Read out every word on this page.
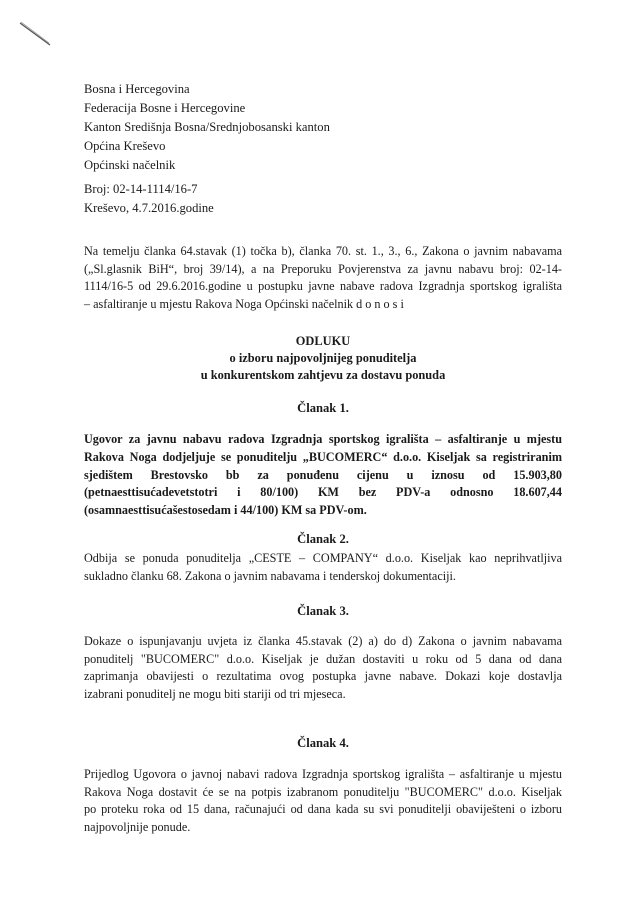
Bosna i Hercegovina
Federacija Bosne i Hercegovine
Kanton Središnja Bosna/Srednjobosanski kanton
Općina Kreševo
Općinski načelnik
Broj: 02-14-1114/16-7
Kreševo, 4.7.2016.godine
Na temelju članka 64.stavak (1) točka b), članka 70. st. 1., 3., 6., Zakona o javnim nabavama
(„Sl.glasnik BiH“, broj 39/14), a na Preporuku Povjerenstva za javnu nabavu broj: 02-14-
1114/16-5 od 29.6.2016.godine u postupku javne nabave radova Izgradnja sportskog igrališta
– asfaltiranje u mjestu Rakova Noga Općinski načelnik d o n o s i
ODLUKU
o izboru najpovoljnijeg ponuditelja
u konkurentskom zahtjevu za dostavu ponuda
Članak 1.
Ugovor za javnu nabavu radova Izgradnja sportskog igrališta – asfaltiranje u mjestu
Rakova Noga dodjeljuje se ponuditelju „BUCOMERC“ d.o.o. Kiseljak sa registriranim
sjedištem Brestovsko bb za ponuđenu cijenu u iznosu od 15.903,80
(petnaesttisućadevetstotri i 80/100) KM bez PDV-a odnosno 18.607,44
(osamnaesttisućašestosedam i 44/100) KM sa PDV-om.
Članak 2.
Odbija se ponuda ponuditelja „CESTE – COMPANY“ d.o.o. Kiseljak kao neprihvatljiva
sukladno članku 68. Zakona o javnim nabavama i tenderskoj dokumentaciji.
Članak 3.
Dokaze o ispunjavanju uvjeta iz članka 45.stavak (2) a) do d) Zakona o javnim nabavama
ponuditelj "BUCOMERC" d.o.o. Kiseljak je dužan dostaviti u roku od 5 dana od dana
zaprimanja obavijesti o rezultatima ovog postupka javne nabave. Dokazi koje dostavlja
izabrani ponuditelj ne mogu biti stariji od tri mjeseca.
Članak 4.
Prijedlog Ugovora o javnoj nabavi radova Izgradnja sportskog igrališta – asfaltiranje u mjestu
Rakova Noga dostavit će se na potpis izabranom ponuditelju "BUCOMERC" d.o.o. Kiseljak
po proteku roka od 15 dana, računajući od dana kada su svi ponuditelji obaviješteni o izboru
najpovoljnije ponude.
